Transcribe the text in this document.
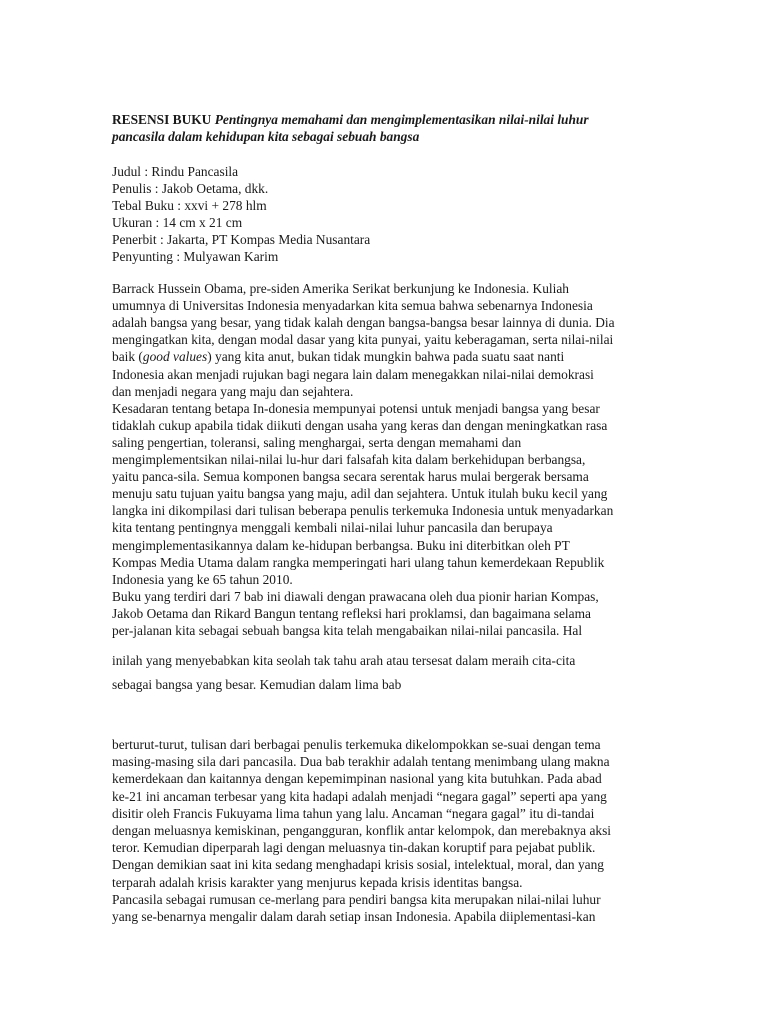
RESENSI BUKU Pentingnya memahami dan mengimplementasikan nilai-nilai luhur
pancasila dalam kehidupan kita sebagai sebuah bangsa
Judul : Rindu Pancasila
Penulis : Jakob Oetama, dkk.
Tebal Buku : xxvi + 278 hlm
Ukuran : 14 cm x 21 cm
Penerbit : Jakarta, PT Kompas Media Nusantara
Penyunting : Mulyawan Karim
Barrack Hussein Obama, pre-siden Amerika Serikat berkunjung ke Indonesia. Kuliah
umumnya di Universitas Indonesia menyadarkan kita semua bahwa sebenarnya Indonesia
adalah bangsa yang besar, yang tidak kalah dengan bangsa-bangsa besar lainnya di dunia. Dia
mengingatkan kita, dengan modal dasar yang kita punyai, yaitu keberagaman, serta nilai-nilai
baik (good values) yang kita anut, bukan tidak mungkin bahwa pada suatu saat nanti
Indonesia akan menjadi rujukan bagi negara lain dalam menegakkan nilai-nilai demokrasi
dan menjadi negara yang maju dan sejahtera.
Kesadaran tentang betapa In-donesia mempunyai potensi untuk menjadi bangsa yang besar
tidaklah cukup apabila tidak diikuti dengan usaha yang keras dan dengan meningkatkan rasa
saling pengertian, toleransi, saling menghargai, serta dengan memahami dan
mengimplementsikan nilai-nilai lu-hur dari falsafah kita dalam berkehidupan berbangsa,
yaitu panca-sila. Semua komponen bangsa secara serentak harus mulai bergerak bersama
menuju satu tujuan yaitu bangsa yang maju, adil dan sejahtera. Untuk itulah buku kecil yang
langka ini dikompilasi dari tulisan beberapa penulis terkemuka Indonesia untuk menyadarkan
kita tentang pentingnya menggali kembali nilai-nilai luhur pancasila dan berupaya
mengimplementasikannya dalam ke-hidupan berbangsa. Buku ini diterbitkan oleh PT
Kompas Media Utama dalam rangka memperingati hari ulang tahun kemerdekaan Republik
Indonesia yang ke 65 tahun 2010.
Buku yang terdiri dari 7 bab ini diawali dengan prawacana oleh dua pionir harian Kompas,
Jakob Oetama dan Rikard Bangun tentang refleksi hari proklamsi, dan bagaimana selama
per-jalanan kita sebagai sebuah bangsa kita telah mengabaikan nilai-nilai pancasila. Hal
inilah yang menyebabkan kita seolah tak tahu arah atau tersesat dalam meraih cita-cita
sebagai bangsa yang besar. Kemudian dalam lima bab
berturut-turut, tulisan dari berbagai penulis terkemuka dikelompokkan se-suai dengan tema
masing-masing sila dari pancasila. Dua bab terakhir adalah tentang menimbang ulang makna
kemerdekaan dan kaitannya dengan kepemimpinan nasional yang kita butuhkan. Pada abad
ke-21 ini ancaman terbesar yang kita hadapi adalah menjadi “negara gagal” seperti apa yang
disitir oleh Francis Fukuyama lima tahun yang lalu. Ancaman “negara gagal” itu di-tandai
dengan meluasnya kemiskinan, pengangguran, konflik antar kelompok, dan merebaknya aksi
teror. Kemudian diperparah lagi dengan meluasnya tin-dakan koruptif para pejabat publik.
Dengan demikian saat ini kita sedang menghadapi krisis sosial, intelektual, moral, dan yang
terparah adalah krisis karakter yang menjurus kepada krisis identitas bangsa.
Pancasila sebagai rumusan ce-merlang para pendiri bangsa kita merupakan nilai-nilai luhur
yang se-benarnya mengalir dalam darah setiap insan Indonesia. Apabila diiplementasi-kan
